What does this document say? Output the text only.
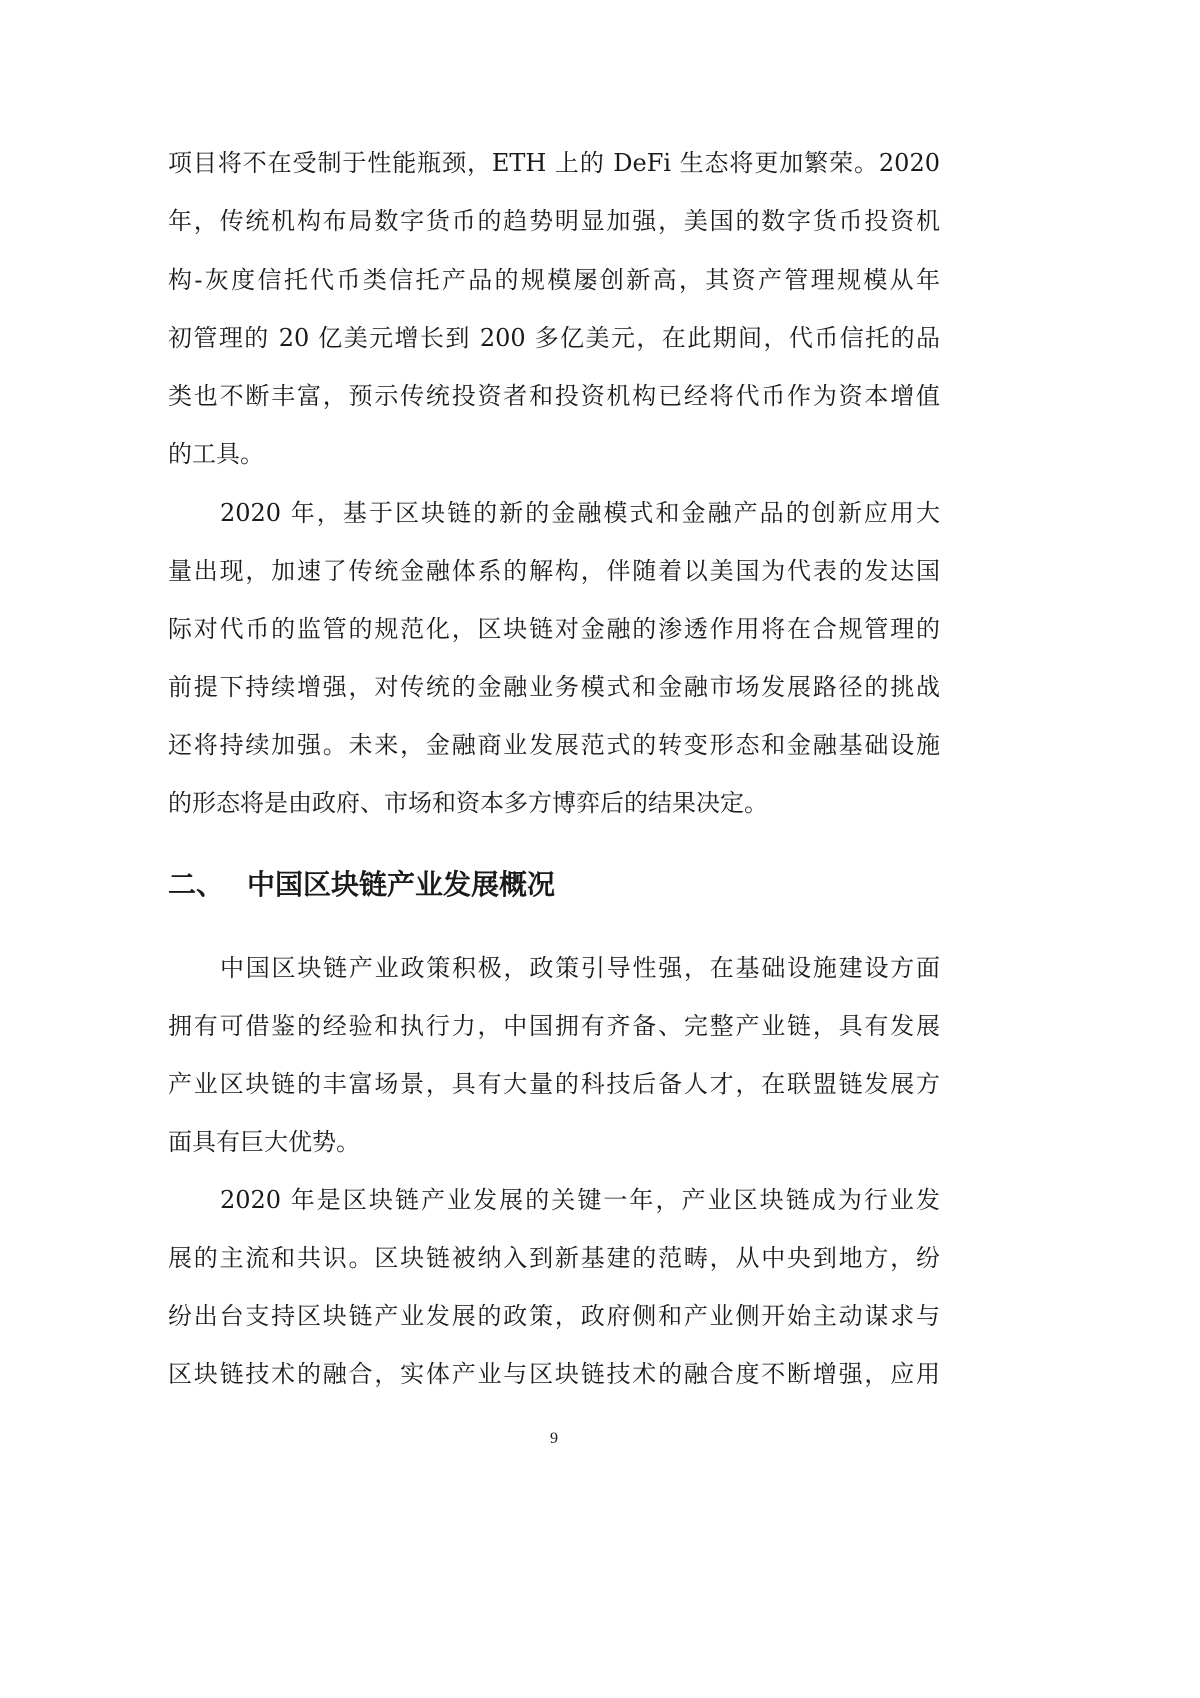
项目将不在受制于性能瓶颈，ETH 上的 DeFi 生态将更加繁荣。2020
年，传统机构布局数字货币的趋势明显加强，美国的数字货币投资机
构-灰度信托代币类信托产品的规模屡创新高，其资产管理规模从年
初管理的 20 亿美元增长到 200 多亿美元，在此期间，代币信托的品
类也不断丰富，预示传统投资者和投资机构已经将代币作为资本增值
的工具。
2020 年，基于区块链的新的金融模式和金融产品的创新应用大
量出现，加速了传统金融体系的解构，伴随着以美国为代表的发达国
际对代币的监管的规范化，区块链对金融的渗透作用将在合规管理的
前提下持续增强，对传统的金融业务模式和金融市场发展路径的挑战
还将持续加强。未来，金融商业发展范式的转变形态和金融基础设施
的形态将是由政府、市场和资本多方博弈后的结果决定。
二、 中国区块链产业发展概况
中国区块链产业政策积极，政策引导性强，在基础设施建设方面
拥有可借鉴的经验和执行力，中国拥有齐备、完整产业链，具有发展
产业区块链的丰富场景，具有大量的科技后备人才，在联盟链发展方
面具有巨大优势。
2020 年是区块链产业发展的关键一年，产业区块链成为行业发
展的主流和共识。区块链被纳入到新基建的范畴，从中央到地方，纷
纷出台支持区块链产业发展的政策，政府侧和产业侧开始主动谋求与
区块链技术的融合，实体产业与区块链技术的融合度不断增强，应用
9
